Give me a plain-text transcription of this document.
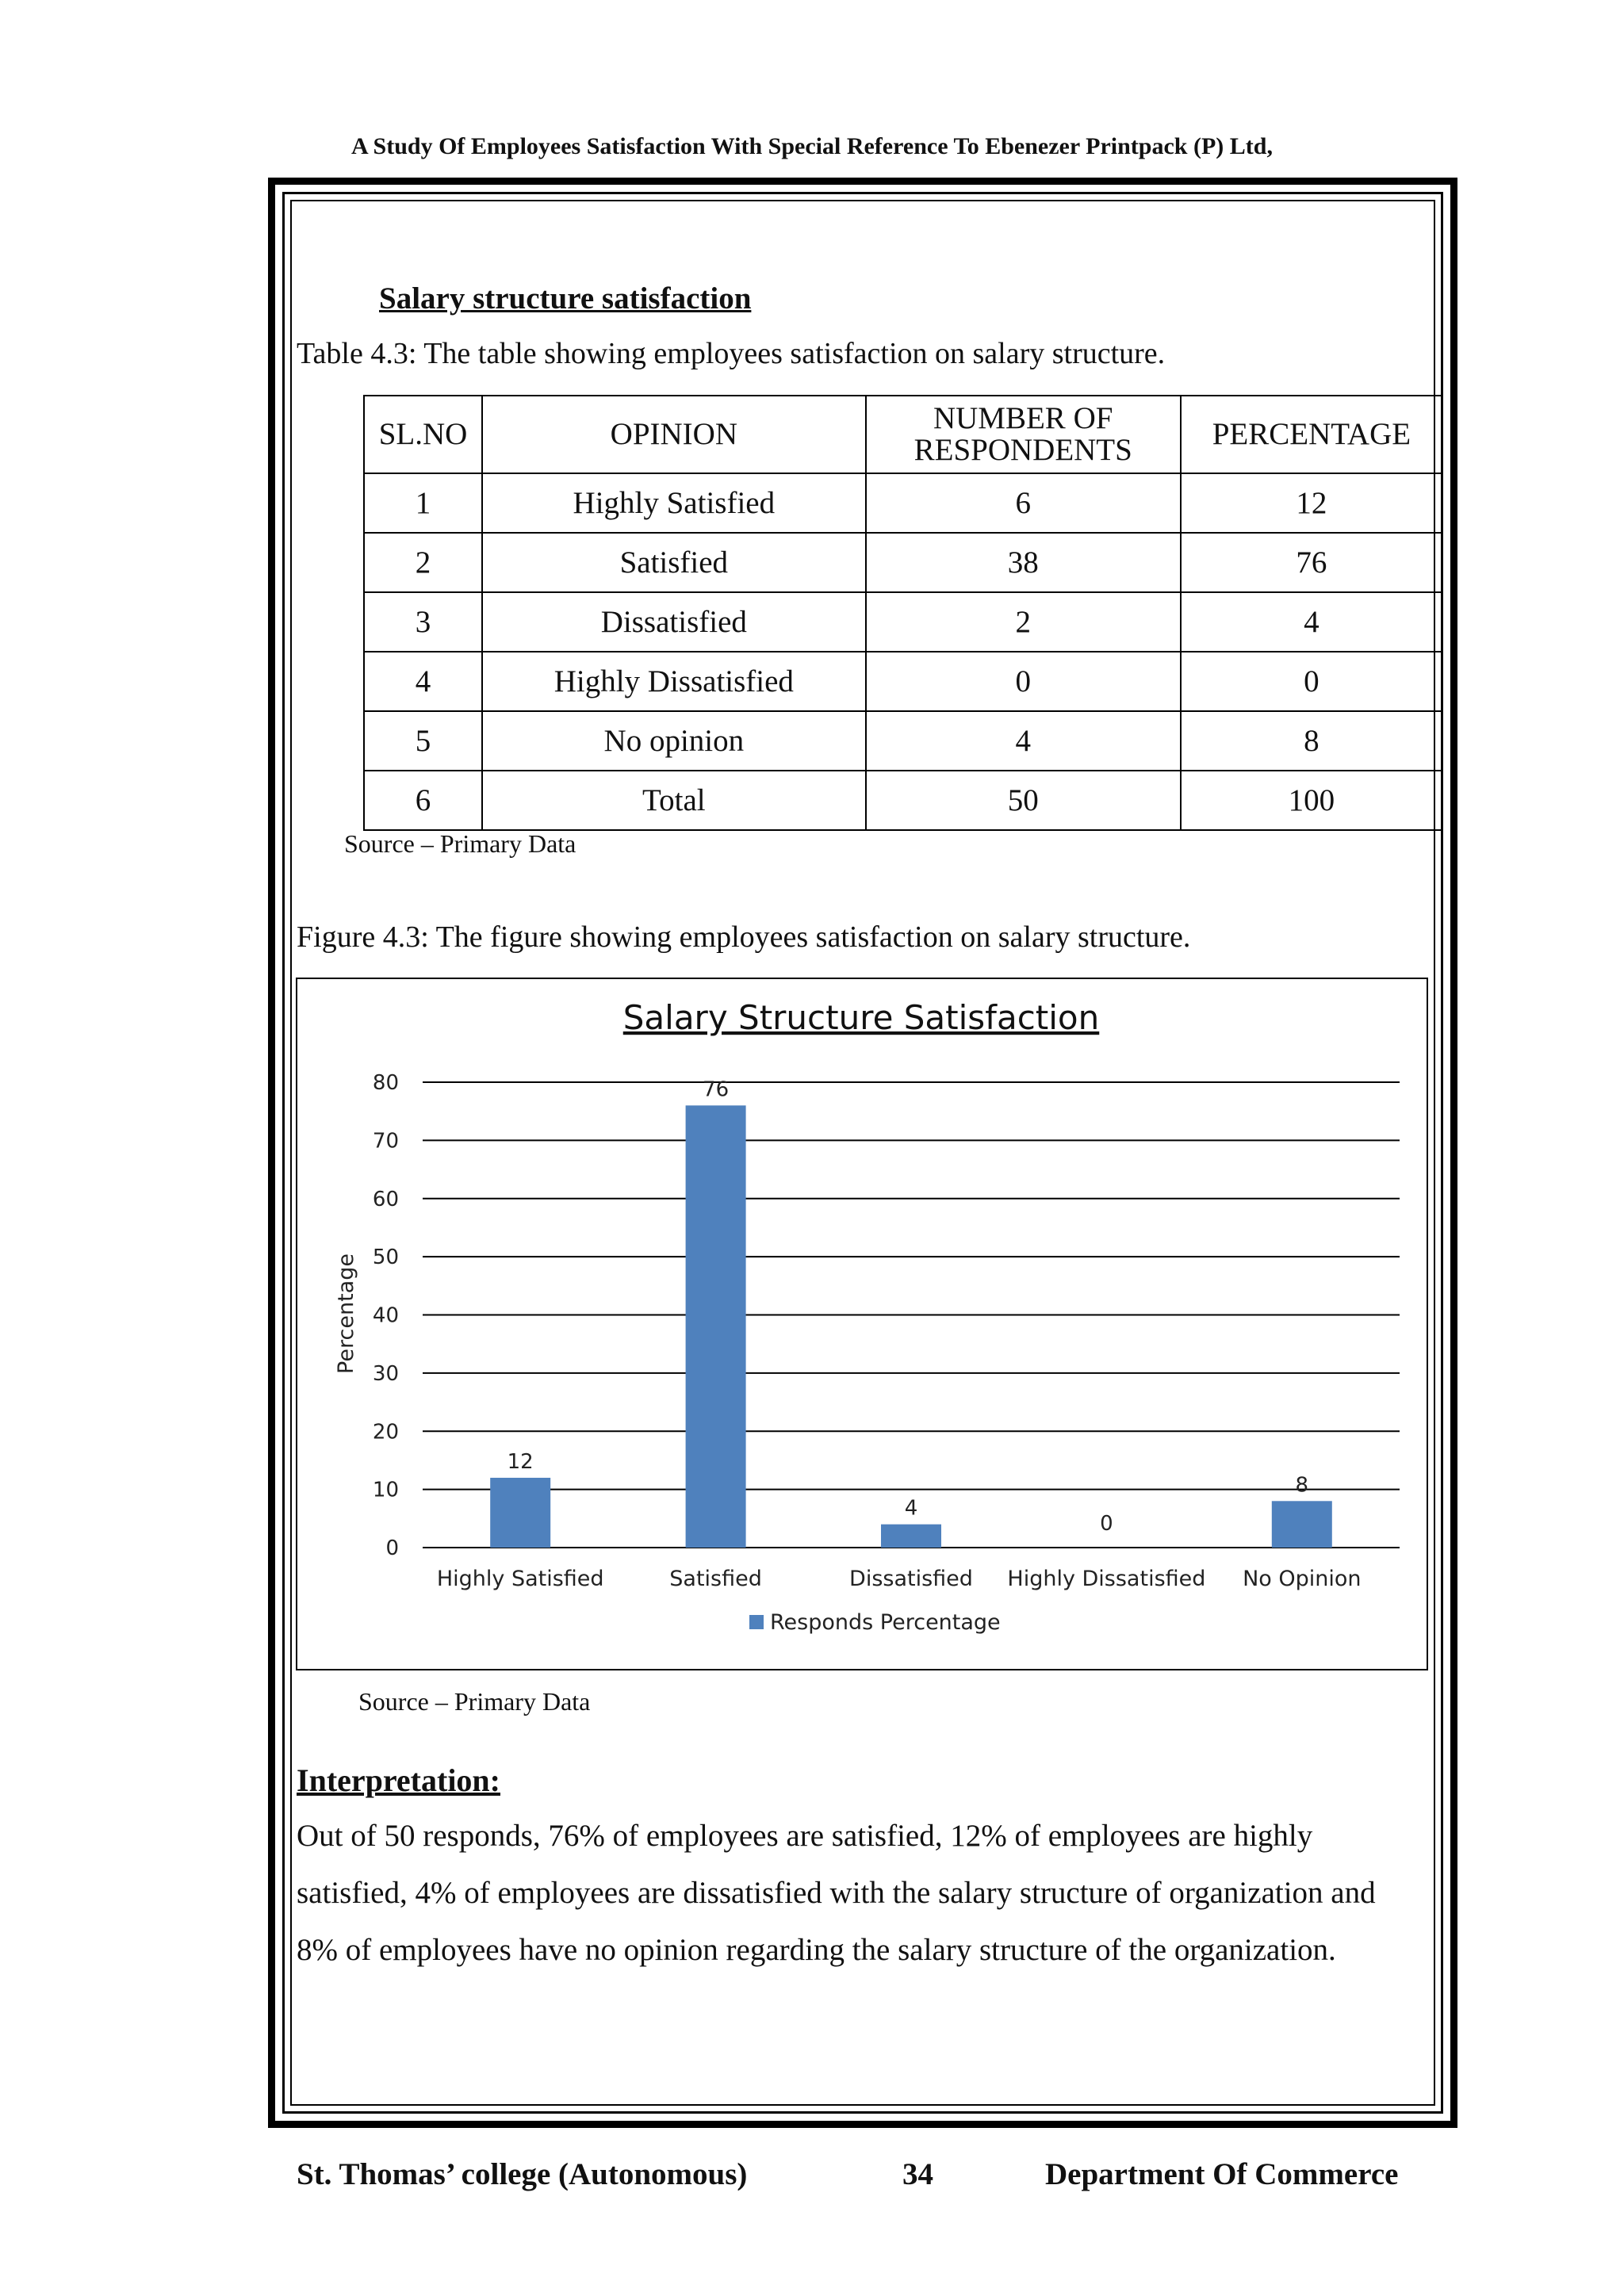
A Study Of Employees Satisfaction With Special Reference To Ebenezer Printpack (P) Ltd,
Salary structure satisfaction
Table 4.3: The table showing employees satisfaction on salary structure.
SL.NO	OPINION	NUMBER OF RESPONDENTS	PERCENTAGE
1	Highly Satisfied	6	12
2	Satisfied	38	76
3	Dissatisfied	2	4
4	Highly Dissatisfied	0	0
5	No opinion	4	8
6	Total	50	100
Source – Primary Data
Figure 4.3: The figure showing employees satisfaction on salary structure.
Salary Structure Satisfaction
Percentage
0
10
20
30
40
50
60
70
80
12
76
4
0
8
Highly Satisfied	Satisfied	Dissatisfied Highly Dissatisfied No Opinion
Responds Percentage
Source – Primary Data
Interpretation:
Out of 50 responds, 76% of employees are satisfied, 12% of employees are highly satisfied, 4% of employees are dissatisfied with the salary structure of organization and 8% of employees have no opinion regarding the salary structure of the organization.
St. Thomas’ college (Autonomous)	34	Department Of Commerce
